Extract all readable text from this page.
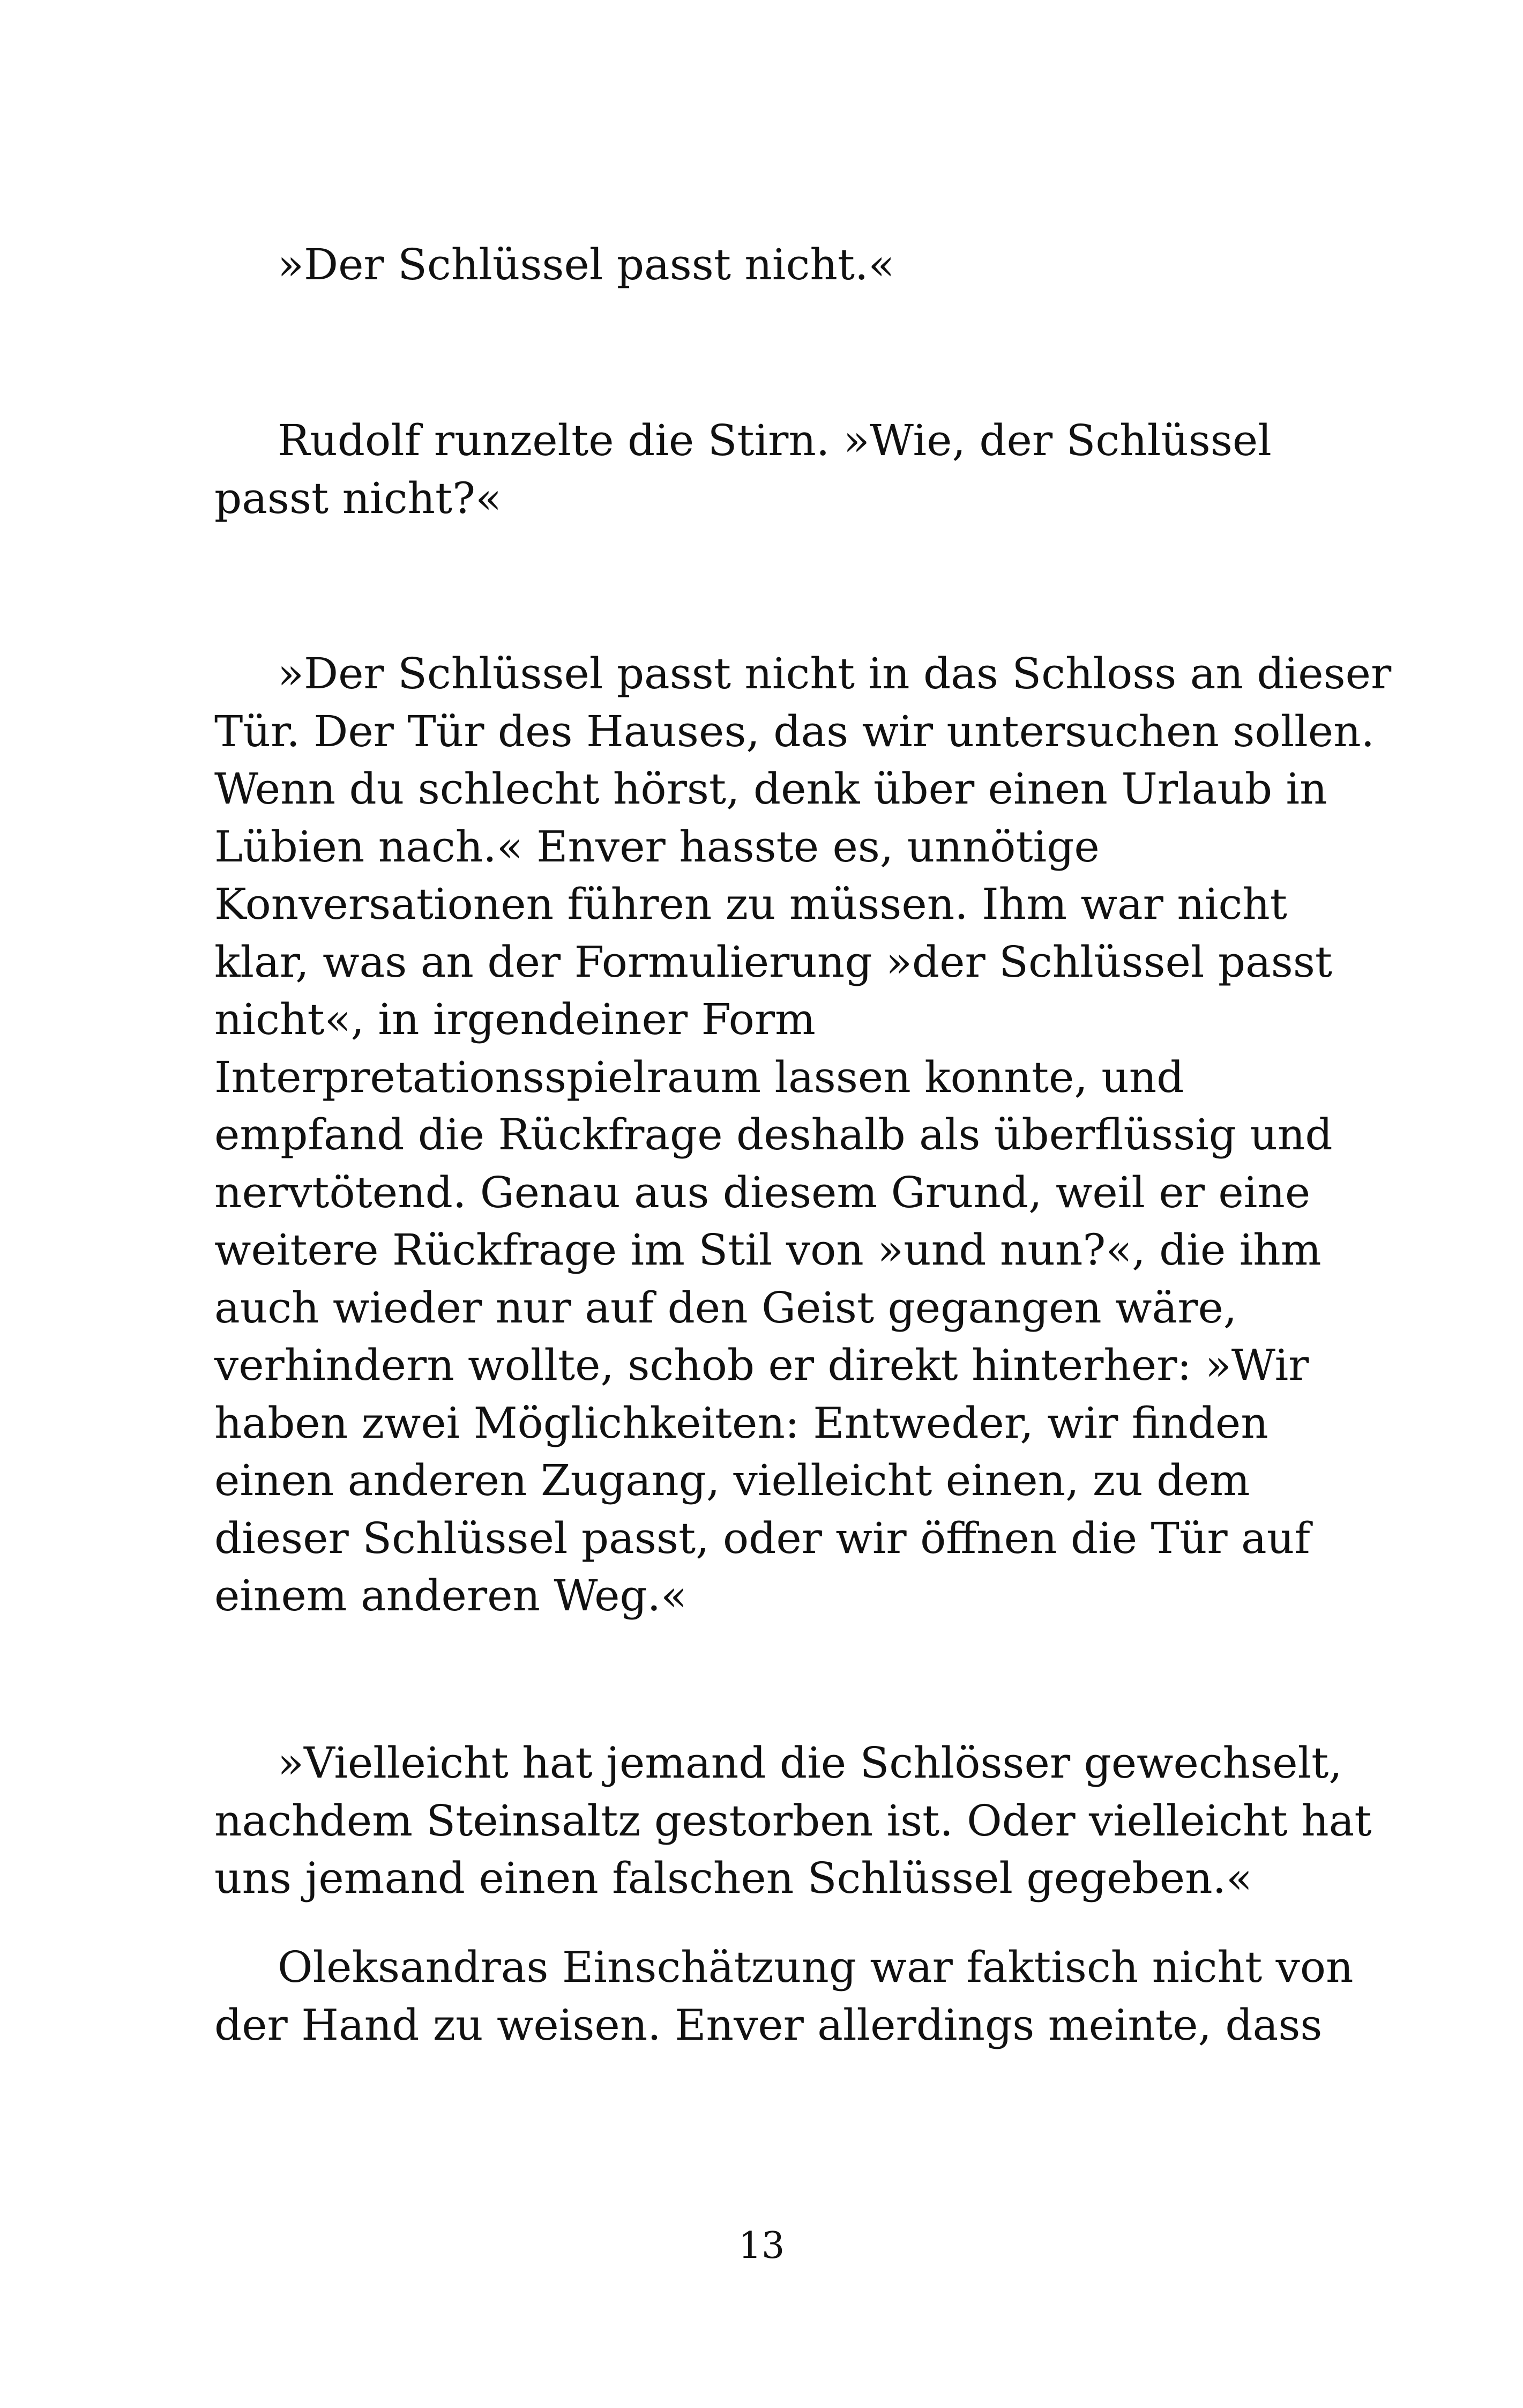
»Der Schlüssel passt nicht.«

Rudolf runzelte die Stirn. »Wie, der Schlüssel
passt nicht?«

»Der Schlüssel passt nicht in das Schloss an dieser
Tür. Der Tür des Hauses, das wir untersuchen sollen.
Wenn du schlecht hörst, denk über einen Urlaub in
Lübien nach.« Enver hasste es, unnötige
Konversationen führen zu müssen. Ihm war nicht
klar, was an der Formulierung »der Schlüssel passt
nicht«, in irgendeiner Form
Interpretationsspielraum lassen konnte, und
empfand die Rückfrage deshalb als überflüssig und
nervtötend. Genau aus diesem Grund, weil er eine
weitere Rückfrage im Stil von »und nun?«, die ihm
auch wieder nur auf den Geist gegangen wäre,
verhindern wollte, schob er direkt hinterher: »Wir
haben zwei Möglichkeiten: Entweder, wir finden
einen anderen Zugang, vielleicht einen, zu dem
dieser Schlüssel passt, oder wir öffnen die Tür auf
einem anderen Weg.«

»Vielleicht hat jemand die Schlösser gewechselt,
nachdem Steinsaltz gestorben ist. Oder vielleicht hat
uns jemand einen falschen Schlüssel gegeben.«

Oleksandras Einschätzung war faktisch nicht von
der Hand zu weisen. Enver allerdings meinte, dass

13
